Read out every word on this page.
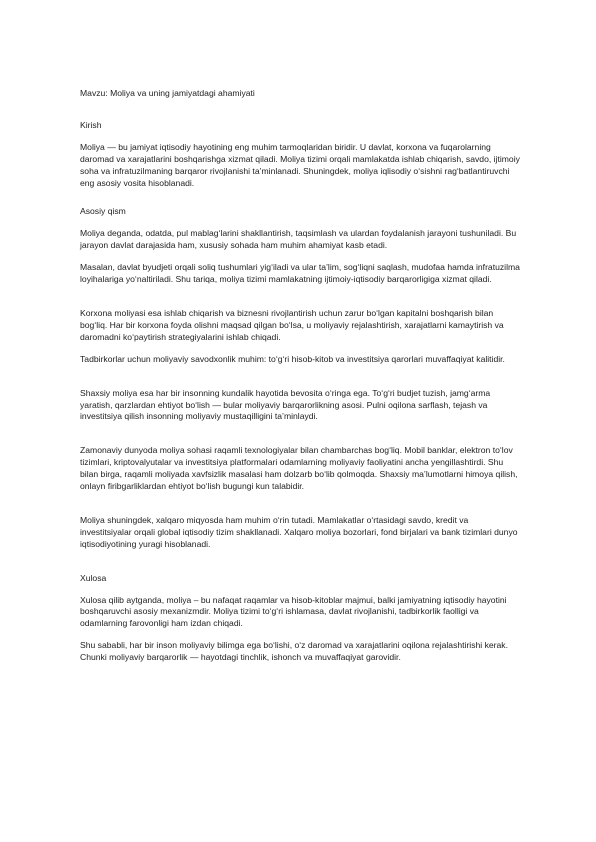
Mavzu: Moliya va uning jamiyatdagi ahamiyati

Kirish

Moliya — bu jamiyat iqtisodiy hayotining eng muhim tarmoqlaridan biridir. U davlat, korxona va fuqarolarning daromad va xarajatlarini boshqarishga xizmat qiladi. Moliya tizimi orqali mamlakatda ishlab chiqarish, savdo, ijtimoiy soha va infratuzilmaning barqaror rivojlanishi ta’minlanadi. Shuningdek, moliya iqlisodiy o‘sishni rag‘batlantiruvchi eng asosiy vosita hisoblanadi.

Asosiy qism

Moliya deganda, odatda, pul mablag‘larini shakllantirish, taqsimlash va ulardan foydalanish jarayoni tushuniladi. Bu jarayon davlat darajasida ham, xususiy sohada ham muhim ahamiyat kasb etadi.

Masalan, davlat byudjeti orqali soliq tushumlari yig‘iladi va ular ta’lim, sog‘liqni saqlash, mudofaa hamda infratuzilma loyihalariga yo‘naltiriladi. Shu tariqa, moliya tizimi mamlakatning ijtimoiy-iqtisodiy barqarorligiga xizmat qiladi.

Korxona moliyasi esa ishlab chiqarish va biznesni rivojlantirish uchun zarur bo‘lgan kapitalni boshqarish bilan bog‘liq. Har bir korxona foyda olishni maqsad qilgan bo‘lsa, u moliyaviy rejalashtirish, xarajatlarni kamaytirish va daromadni ko‘paytirish strategiyalarini ishlab chiqadi.

Tadbirkorlar uchun moliyaviy savodxonlik muhim: to‘g‘ri hisob-kitob va investitsiya qarorlari muvaffaqiyat kalitidir.

Shaxsiy moliya esa har bir insonning kundalik hayotida bevosita o‘ringa ega. To‘g‘ri budjet tuzish, jamg‘arma yaratish, qarzlardan ehtiyot bo‘lish — bular moliyaviy barqarorlikning asosi. Pulni oqilona sarflash, tejash va investitsiya qilish insonning moliyaviy mustaqilligini ta’minlaydi.

Zamonaviy dunyoda moliya sohasi raqamli texnologiyalar bilan chambarchas bog‘liq. Mobil banklar, elektron to‘lov tizimlari, kriptovalyutalar va investitsiya platformalari odamlarning moliyaviy faoliyatini ancha yengillashtirdi. Shu bilan birga, raqamli moliyada xavfsizlik masalasi ham dolzarb bo‘lib qolmoqda. Shaxsiy ma’lumotlarni himoya qilish, onlayn firibgarliklardan ehtiyot bo‘lish bugungi kun talabidir.

Moliya shuningdek, xalqaro miqyosda ham muhim o‘rin tutadi. Mamlakatlar o‘rtasidagi savdo, kredit va investitsiyalar orqali global iqtisodiy tizim shakllanadi. Xalqaro moliya bozorlari, fond birjalari va bank tizimlari dunyo iqtisodiyotining yuragi hisoblanadi.

Xulosa

Xulosa qilib aytganda, moliya – bu nafaqat raqamlar va hisob-kitoblar majmui, balki jamiyatning iqtisodiy hayotini boshqaruvchi asosiy mexanizmdir. Moliya tizimi to‘g‘ri ishlamasa, davlat rivojlanishi, tadbirkorlik faolligi va odamlarning farovonligi ham izdan chiqadi.

Shu sababli, har bir inson moliyaviy bilimga ega bo‘lishi, o‘z daromad va xarajatlarini oqilona rejalashtirishi kerak. Chunki moliyaviy barqarorlik — hayotdagi tinchlik, ishonch va muvaffaqiyat garovidir.
